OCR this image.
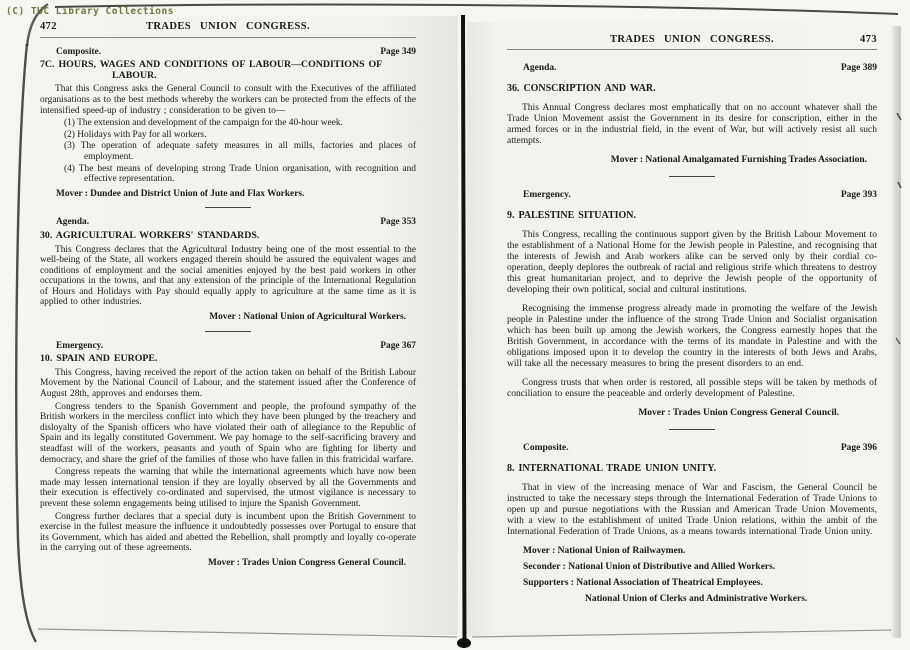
(C) TUC Library Collections
472	TRADES UNION CONGRESS.
Composite.	Page 349
7C. HOURS, WAGES AND CONDITIONS OF LABOUR—CONDITIONS OF LABOUR.

That this Congress asks the General Council to consult with the Executives of the affiliated organisations as to the best methods whereby the workers can be protected from the effects of the intensified speed-up of industry ; consideration to be given to—

(1) The extension and development of the campaign for the 40-hour week.
(2) Holidays with Pay for all workers.
(3) The operation of adequate safety measures in all mills, factories and places of employment.
(4) The best means of developing strong Trade Union organisation, with recognition and effective representation.
Mover : Dundee and District Union of Jute and Flax Workers.
Agenda.	Page 353
30. AGRICULTURAL WORKERS' STANDARDS.

This Congress declares that the Agricultural Industry being one of the most essential to the well-being of the State, all workers engaged therein should be assured the equivalent wages and conditions of employment and the social amenities enjoyed by the best paid workers in other occupations in the towns, and that any extension of the principle of the International Regulation of Hours and Holidays with Pay should equally apply to agriculture at the same time as it is applied to other industries.

Mover : National Union of Agricultural Workers.
Emergency.	Page 367
10. SPAIN AND EUROPE.

This Congress, having received the report of the action taken on behalf of the British Labour Movement by the National Council of Labour, and the statement issued after the Conference of August 28th, approves and endorses them.

Congress tenders to the Spanish Government and people, the profound sympathy of the British workers in the merciless conflict into which they have been plunged by the treachery and disloyalty of the Spanish officers who have violated their oath of allegiance to the Republic of Spain and its legally constituted Government. We pay homage to the self-sacrificing bravery and steadfast will of the workers, peasants and youth of Spain who are fighting for liberty and democracy, and share the grief of the families of those who have fallen in this fratricidal warfare.

Congress repeats the warning that while the international agreements which have now been made may lessen international tension if they are loyally observed by all the Governments and their execution is effectively co-ordinated and supervised, the utmost vigilance is necessary to prevent these solemn engagements being utilised to injure the Spanish Government.

Congress further declares that a special duty is incumbent upon the British Government to exercise in the fullest measure the influence it undoubtedly possesses over Portugal to ensure that its Government, which has aided and abetted the Rebellion, shall promptly and loyally co-operate in the carrying out of these agreements.

Mover : Trades Union Congress General Council.
TRADES UNION CONGRESS.	473
Agenda.	Page 389
36. CONSCRIPTION AND WAR.

This Annual Congress declares most emphatically that on no account whatever shall the Trade Union Movement assist the Government in its desire for conscription, either in the armed forces or in the industrial field, in the event of War, but will actively resist all such attempts.

Mover : National Amalgamated Furnishing Trades Association.
Emergency.	Page 393
9. PALESTINE SITUATION.

This Congress, recalling the continuous support given by the British Labour Movement to the establishment of a National Home for the Jewish people in Palestine, and recognising that the interests of Jewish and Arab workers alike can be served only by their cordial co-operation, deeply deplores the outbreak of racial and religious strife which threatens to destroy this great humanitarian project, and to deprive the Jewish people of the opportunity of developing their own political, social and cultural institutions.

Recognising the immense progress already made in promoting the welfare of the Jewish people in Palestine under the influence of the strong Trade Union and Socialist organisation which has been built up among the Jewish workers, the Congress earnestly hopes that the British Government, in accordance with the terms of its mandate in Palestine and with the obligations imposed upon it to develop the country in the interests of both Jews and Arabs, will take all the necessary measures to bring the present disorders to an end.

Congress trusts that when order is restored, all possible steps will be taken by methods of conciliation to ensure the peaceable and orderly development of Palestine.

Mover : Trades Union Congress General Council.
Composite.	Page 396
8. INTERNATIONAL TRADE UNION UNITY.

That in view of the increasing menace of War and Fascism, the General Council be instructed to take the necessary steps through the International Federation of Trade Unions to open up and pursue negotiations with the Russian and American Trade Union Movements, with a view to the establishment of united Trade Union relations, within the ambit of the International Federation of Trade Unions, as a means towards international Trade Union unity.

Mover : National Union of Railwaymen.
Seconder : National Union of Distributive and Allied Workers.
Supporters : National Association of Theatrical Employees.
National Union of Clerks and Administrative Workers.
